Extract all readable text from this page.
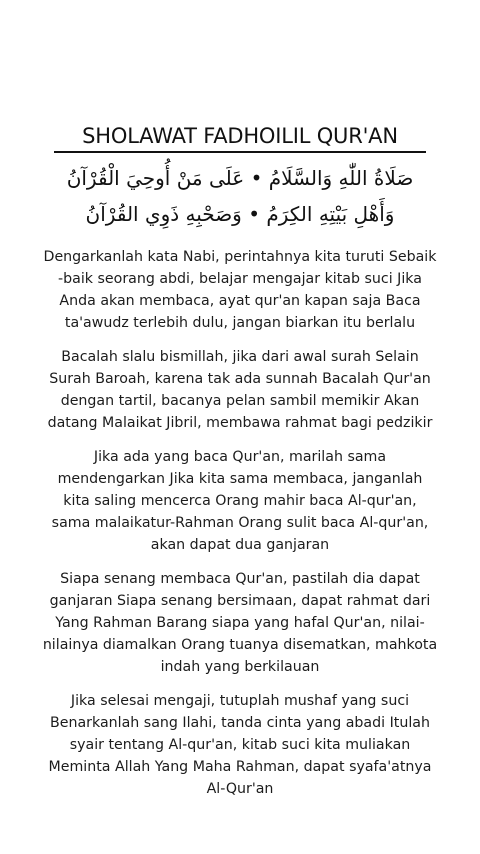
SHOLAWAT FADHOILIL QUR'AN
صَلَاةُ اللّٰهِ وَالسَّلَامُ • عَلَى مَنْ أُوحِيَ الْقُرْآنُ
وَأَهْلِ بَيْتِهِ الكِرَمُ • وَصَحْبِهِ ذَوِي القُرْآنُ
Dengarkanlah kata Nabi, perintahnya kita turuti Sebaik
-baik seorang abdi, belajar mengajar kitab suci Jika
Anda akan membaca, ayat qur'an kapan saja Baca
ta'awudz terlebih dulu, jangan biarkan itu berlalu
Bacalah slalu bismillah, jika dari awal surah Selain
Surah Baroah, karena tak ada sunnah Bacalah Qur'an
dengan tartil, bacanya pelan sambil memikir Akan
datang Malaikat Jibril, membawa rahmat bagi pedzikir
Jika ada yang baca Qur'an, marilah sama
mendengarkan Jika kita sama membaca, janganlah
kita saling mencerca Orang mahir baca Al-qur'an,
sama malaikatur-Rahman Orang sulit baca Al-qur'an,
akan dapat dua ganjaran
Siapa senang membaca Qur'an, pastilah dia dapat
ganjaran Siapa senang bersimaan, dapat rahmat dari
Yang Rahman Barang siapa yang hafal Qur'an, nilai-
nilainya diamalkan Orang tuanya disematkan, mahkota
indah yang berkilauan
Jika selesai mengaji, tutuplah mushaf yang suci
Benarkanlah sang Ilahi, tanda cinta yang abadi Itulah
syair tentang Al-qur'an, kitab suci kita muliakan
Meminta Allah Yang Maha Rahman, dapat syafa'atnya
Al-Qur'an
